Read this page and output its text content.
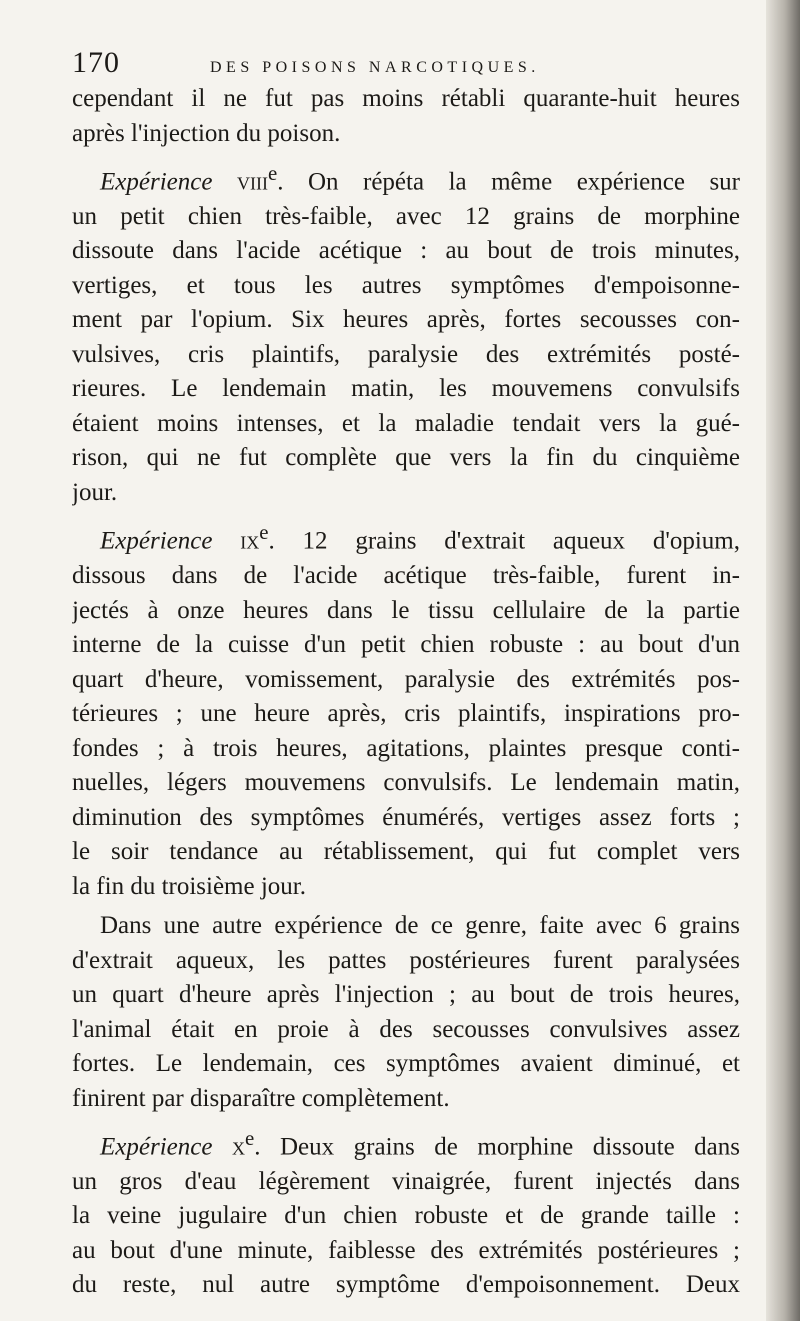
170	DES POISONS NARCOTIQUES.
cependant il ne fut pas moins rétabli quarante-huit heures
après l'injection du poison.
Expérience viii$^e$. On répéta la même expérience sur
un petit chien très-faible, avec 12 grains de morphine
dissoute dans l'acide acétique : au bout de trois minutes,
vertiges, et tous les autres symptômes d'empoisonne-
ment par l'opium. Six heures après, fortes secousses con-
vulsives, cris plaintifs, paralysie des extrémités posté-
rieures. Le lendemain matin, les mouvemens convulsifs
étaient moins intenses, et la maladie tendait vers la gué-
rison, qui ne fut complète que vers la fin du cinquième
jour.
Expérience $ix^e$. 12 grains d'extrait aqueux d'opium,
dissous dans de l'acide acétique très-faible, furent in-
jectés à onze heures dans le tissu cellulaire de la partie
interne de la cuisse d'un petit chien robuste : au bout d'un
quart d'heure, vomissement, paralysie des extrémités pos-
térieures ; une heure après, cris plaintifs, inspirations pro-
fondes ; à trois heures, agitations, plaintes presque conti-
nuelles, légers mouvemens convulsifs. Le lendemain matin,
diminution des symptômes énumérés, vertiges assez forts ;
le soir tendance au rétablissement, qui fut complet vers
la fin du troisième jour.
Dans une autre expérience de ce genre, faite avec 6 grains
d'extrait aqueux, les pattes postérieures furent paralysées
un quart d'heure après l'injection ; au bout de trois heures,
l'animal était en proie à des secousses convulsives assez
fortes. Le lendemain, ces symptômes avaient diminué, et
finirent par disparaître complètement.
Expérience $x^e$. Deux grains de morphine dissoute dans
un gros d'eau légèrement vinaigrée, furent injectés dans
la veine jugulaire d'un chien robuste et de grande taille :
au bout d'une minute, faiblesse des extrémités postérieures ;
du reste, nul autre symptôme d'empoisonnement. Deux
